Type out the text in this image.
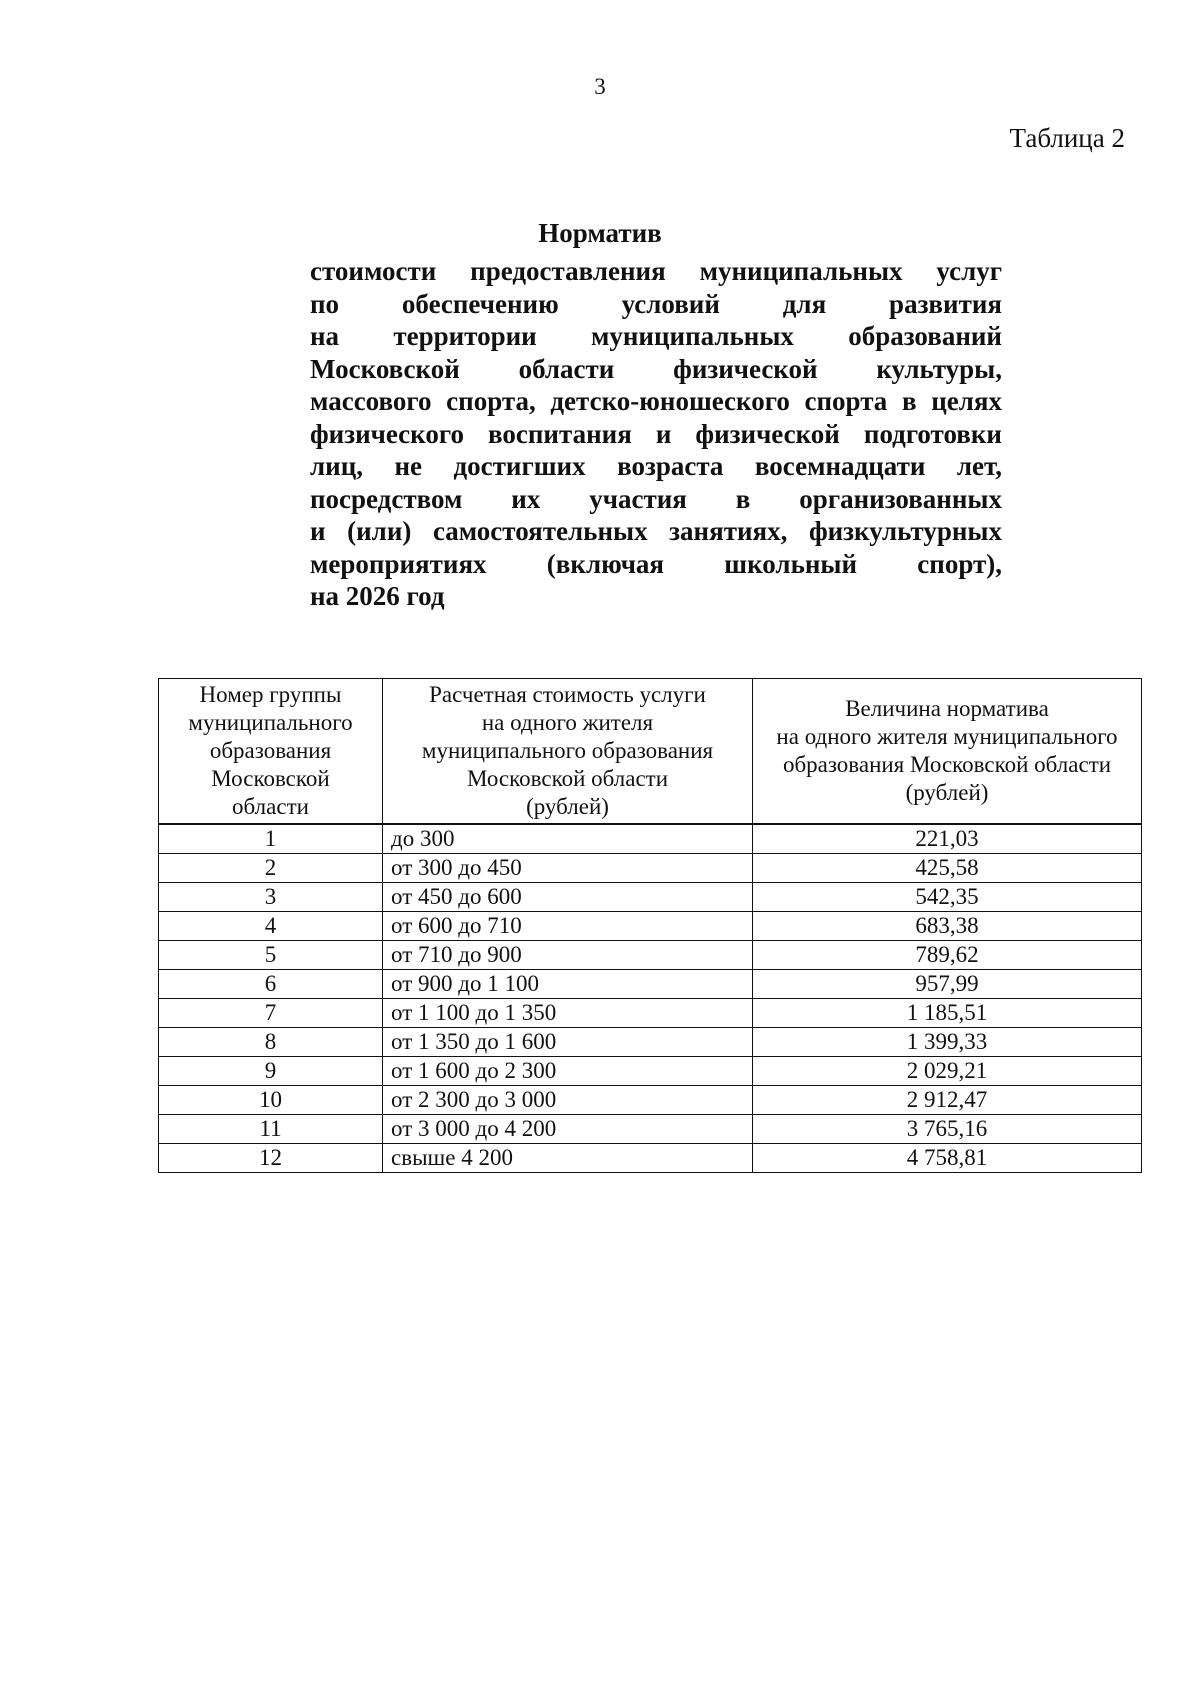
3
Таблица 2
Норматив
стоимости предоставления муниципальных услуг
по обеспечению условий для развития
на территории муниципальных образований
Московской области физической культуры,
массового спорта, детско-юношеского спорта в целях
физического воспитания и физической подготовки
лиц, не достигших возраста восемнадцати лет,
посредством их участия в организованных
и (или) самостоятельных занятиях, физкультурных
мероприятиях (включая школьный спорт),
на 2026 год
Номер группы
муниципального
образования
Московской
области	Расчетная стоимость услуги
на одного жителя
муниципального образования
Московской области
(рублей)	Величина норматива
на одного жителя муниципального
образования Московской области
(рублей)
1	до 300	221,03
2	от 300 до 450	425,58
3	от 450 до 600	542,35
4	от 600 до 710	683,38
5	от 710 до 900	789,62
6	от 900 до 1 100	957,99
7	от 1 100 до 1 350	1 185,51
8	от 1 350 до 1 600	1 399,33
9	от 1 600 до 2 300	2 029,21
10	от 2 300 до 3 000	2 912,47
11	от 3 000 до 4 200	3 765,16
12	свыше 4 200	4 758,81
